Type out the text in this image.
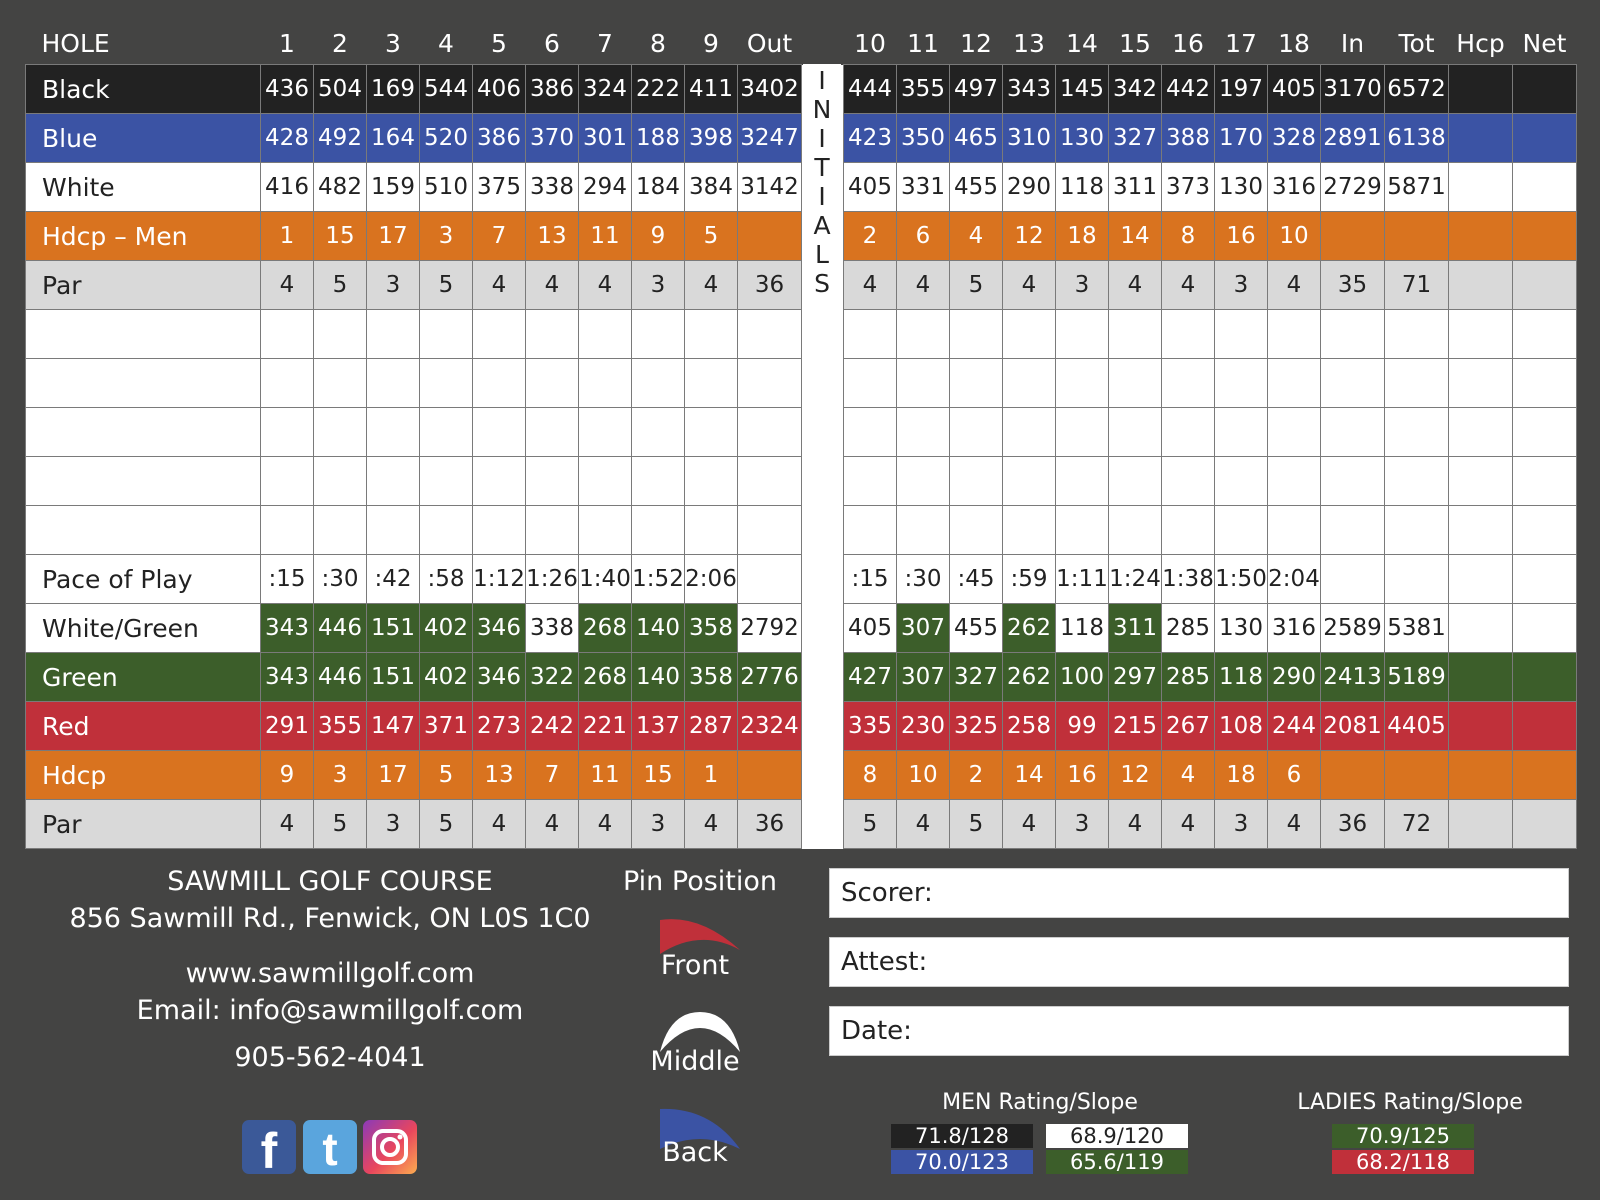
HOLE	1	2	3	4	5	6	7	8	9	Out		10	11	12	13	14	15	16	17	18	In	Tot	Hcp	Net
Black	436	504	169	544	406	386	324	222	411	3402		444	355	497	343	145	342	442	197	405	3170	6572		
Blue	428	492	164	520	386	370	301	188	398	3247		423	350	465	310	130	327	388	170	328	2891	6138		
White	416	482	159	510	375	338	294	184	384	3142		405	331	455	290	118	311	373	130	316	2729	5871		
Hdcp – Men	1	15	17	3	7	13	11	9	5			2	6	4	12	18	14	8	16	10				
Par	4	5	3	5	4	4	4	3	4	36		4	4	5	4	3	4	4	3	4	35	71		

Pace of Play	:15	:30	:42	:58	1:12	1:26	1:40	1:52	2:06			:15	:30	:45	:59	1:11	1:24	1:38	1:50	2:04				
White/Green	343	446	151	402	346	338	268	140	358	2792		405	307	455	262	118	311	285	130	316	2589	5381		
Green	343	446	151	402	346	322	268	140	358	2776		427	307	327	262	100	297	285	118	290	2413	5189		
Red	291	355	147	371	273	242	221	137	287	2324		335	230	325	258	99	215	267	108	244	2081	4405		
Hdcp	9	3	17	5	13	7	11	15	1			8	10	2	14	16	12	4	18	6				
Par	4	5	3	5	4	4	4	3	4	36		5	4	5	4	3	4	4	3	4	36	72		
I
N
I
T
I
A
L
S
SAWMILL GOLF COURSE
856 Sawmill Rd., Fenwick, ON L0S 1C0
www.sawmillgolf.com
Email: info@sawmillgolf.com
905-562-4041
f t
Pin Position
Front
Middle
Back
Scorer:
Attest:
Date:
MEN Rating/Slope	LADIES Rating/Slope
71.8/128	68.9/120
70.0/123	65.6/119
70.9/125
68.2/118
